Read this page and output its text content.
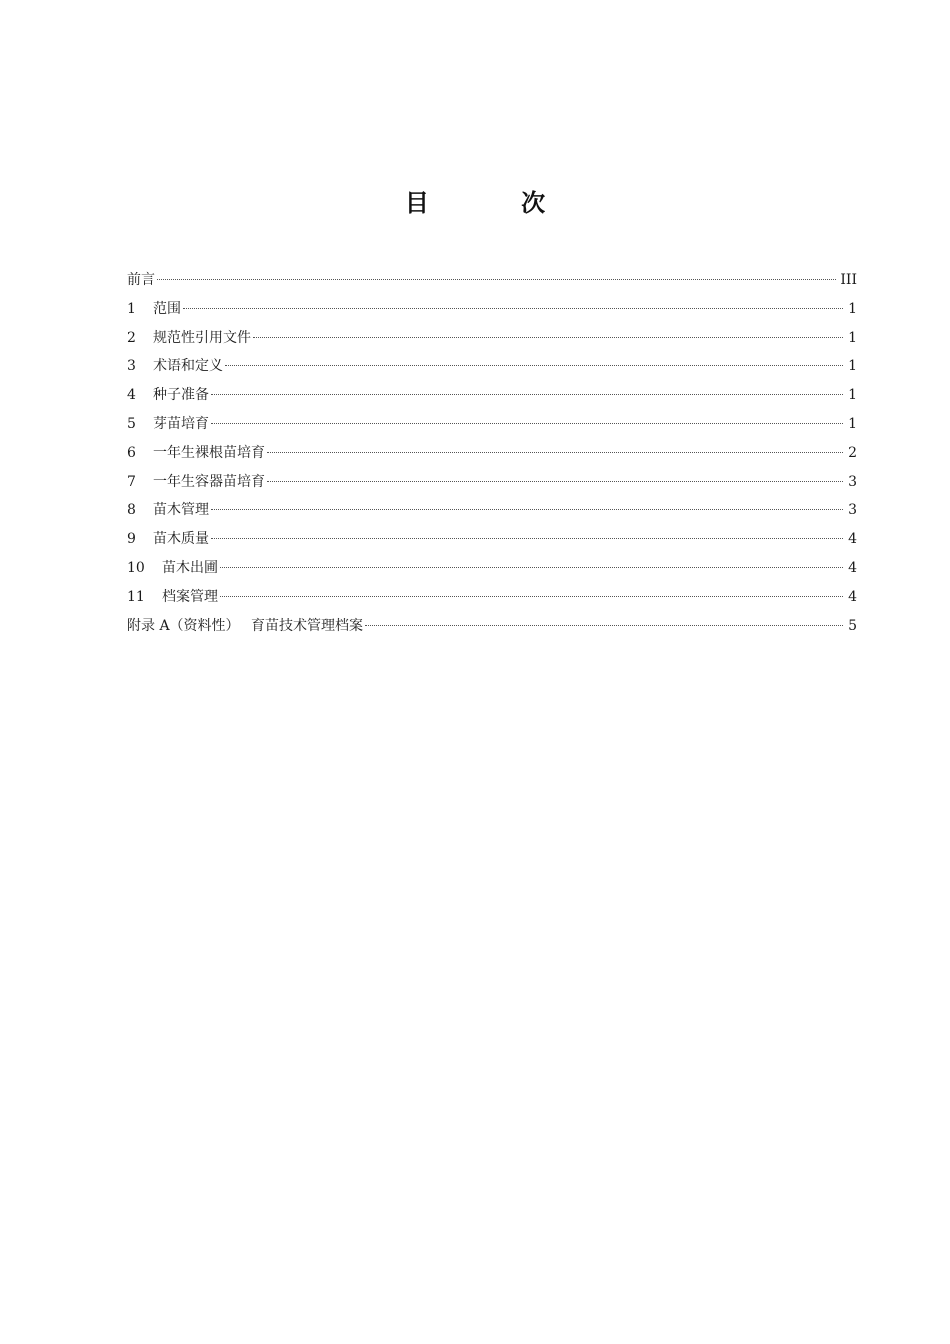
目 次
前言	III
1	范围	1
2	规范性引用文件	1
3	术语和定义	1
4	种子准备	1
5	芽苗培育	1
6	一年生裸根苗培育	2
7	一年生容器苗培育	3
8	苗木管理	3
9	苗木质量	4
10	苗木出圃	4
11	档案管理	4
附录 A（资料性）　 育苗技术管理档案	5
